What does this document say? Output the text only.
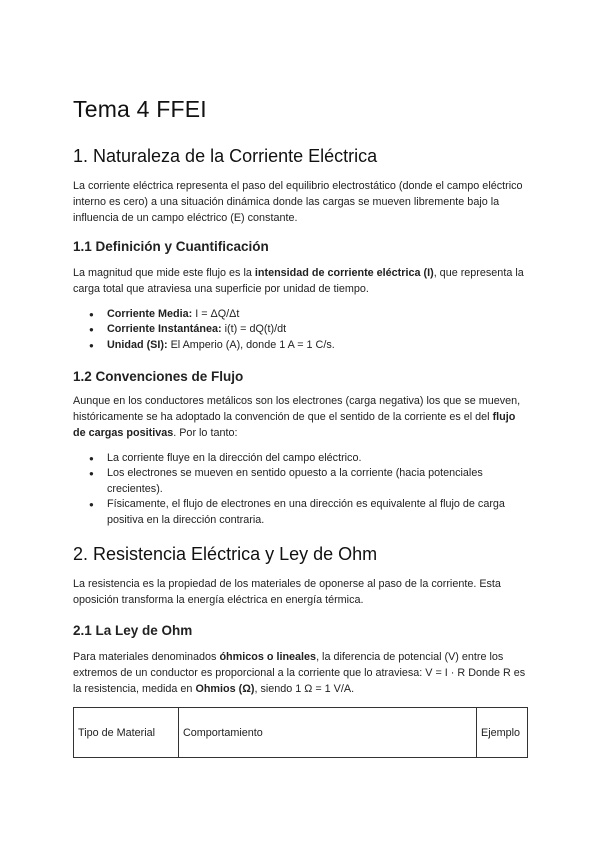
Tema 4 FFEI
1. Naturaleza de la Corriente Eléctrica

La corriente eléctrica representa el paso del equilibrio electrostático (donde el campo eléctrico interno es cero) a una situación dinámica donde las cargas se mueven libremente bajo la influencia de un campo eléctrico (E) constante.

1.1 Definición y Cuantificación

La magnitud que mide este flujo es la intensidad de corriente eléctrica (I), que representa la carga total que atraviesa una superficie por unidad de tiempo.

● Corriente Media: I = ΔQ/Δt
● Corriente Instantánea: i(t) = dQ(t)/dt
● Unidad (SI): El Amperio (A), donde 1 A = 1 C/s.
1.2 Convenciones de Flujo

Aunque en los conductores metálicos son los electrones (carga negativa) los que se mueven, históricamente se ha adoptado la convención de que el sentido de la corriente es el del flujo de cargas positivas. Por lo tanto:

● La corriente fluye en la dirección del campo eléctrico.
● Los electrones se mueven en sentido opuesto a la corriente (hacia potenciales crecientes).
● Físicamente, el flujo de electrones en una dirección es equivalente al flujo de carga positiva en la dirección contraria.
2. Resistencia Eléctrica y Ley de Ohm

La resistencia es la propiedad de los materiales de oponerse al paso de la corriente. Esta oposición transforma la energía eléctrica en energía térmica.

2.1 La Ley de Ohm

Para materiales denominados óhmicos o lineales, la diferencia de potencial (V) entre los extremos de un conductor es proporcional a la corriente que lo atraviesa: V = I · R Donde R es la resistencia, medida en Ohmios (Ω), siendo 1 Ω = 1 V/A.

Tipo de Material	Comportamiento	Ejemplo
